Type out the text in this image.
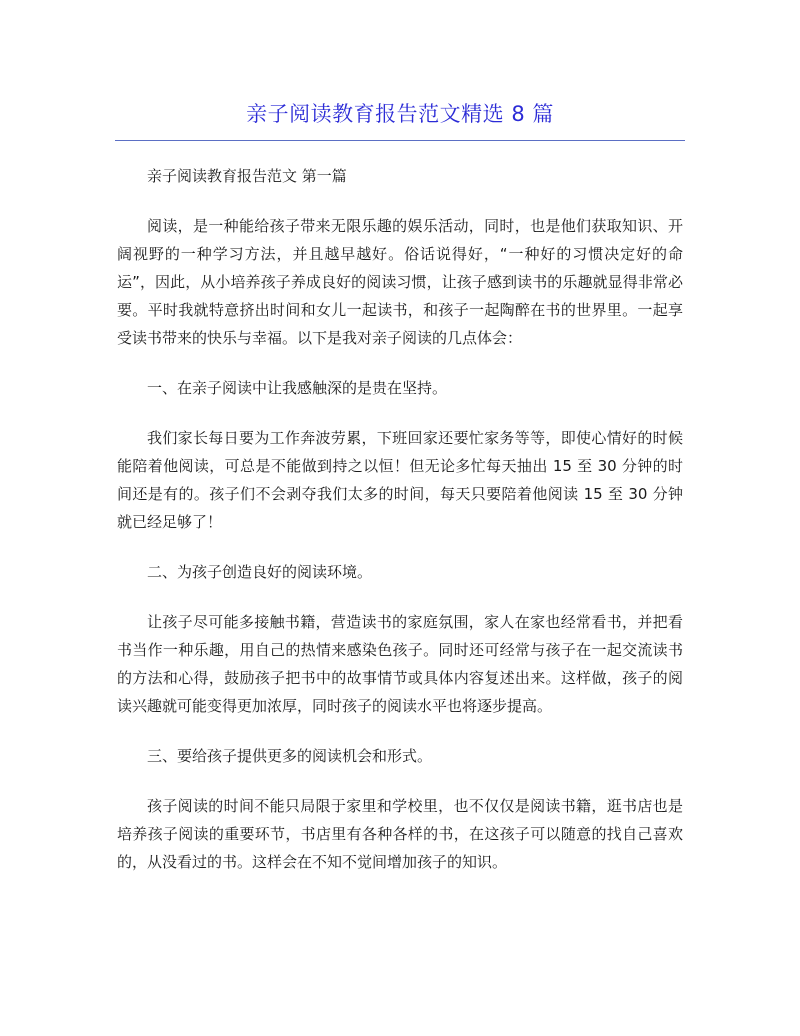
亲子阅读教育报告范文精选 8 篇

亲子阅读教育报告范文 第一篇

阅读，是一种能给孩子带来无限乐趣的娱乐活动，同时，也是他们获取知识、开阔视野的一种学习方法，并且越早越好。俗话说得好，“一种好的习惯决定好的命运”，因此，从小培养孩子养成良好的阅读习惯，让孩子感到读书的乐趣就显得非常必要。平时我就特意挤出时间和女儿一起读书，和孩子一起陶醉在书的世界里。一起享受读书带来的快乐与幸福。以下是我对亲子阅读的几点体会：

一、在亲子阅读中让我感触深的是贵在坚持。

我们家长每日要为工作奔波劳累，下班回家还要忙家务等等，即使心情好的时候能陪着他阅读，可总是不能做到持之以恒！但无论多忙每天抽出 15 至 30 分钟的时间还是有的。孩子们不会剥夺我们太多的时间，每天只要陪着他阅读 15 至 30 分钟就已经足够了！

二、为孩子创造良好的阅读环境。

让孩子尽可能多接触书籍，营造读书的家庭氛围，家人在家也经常看书，并把看书当作一种乐趣，用自己的热情来感染色孩子。同时还可经常与孩子在一起交流读书的方法和心得，鼓励孩子把书中的故事情节或具体内容复述出来。这样做，孩子的阅读兴趣就可能变得更加浓厚，同时孩子的阅读水平也将逐步提高。

三、要给孩子提供更多的阅读机会和形式。

孩子阅读的时间不能只局限于家里和学校里，也不仅仅是阅读书籍，逛书店也是培养孩子阅读的重要环节，书店里有各种各样的书，在这孩子可以随意的找自己喜欢的，从没看过的书。这样会在不知不觉间增加孩子的知识。
